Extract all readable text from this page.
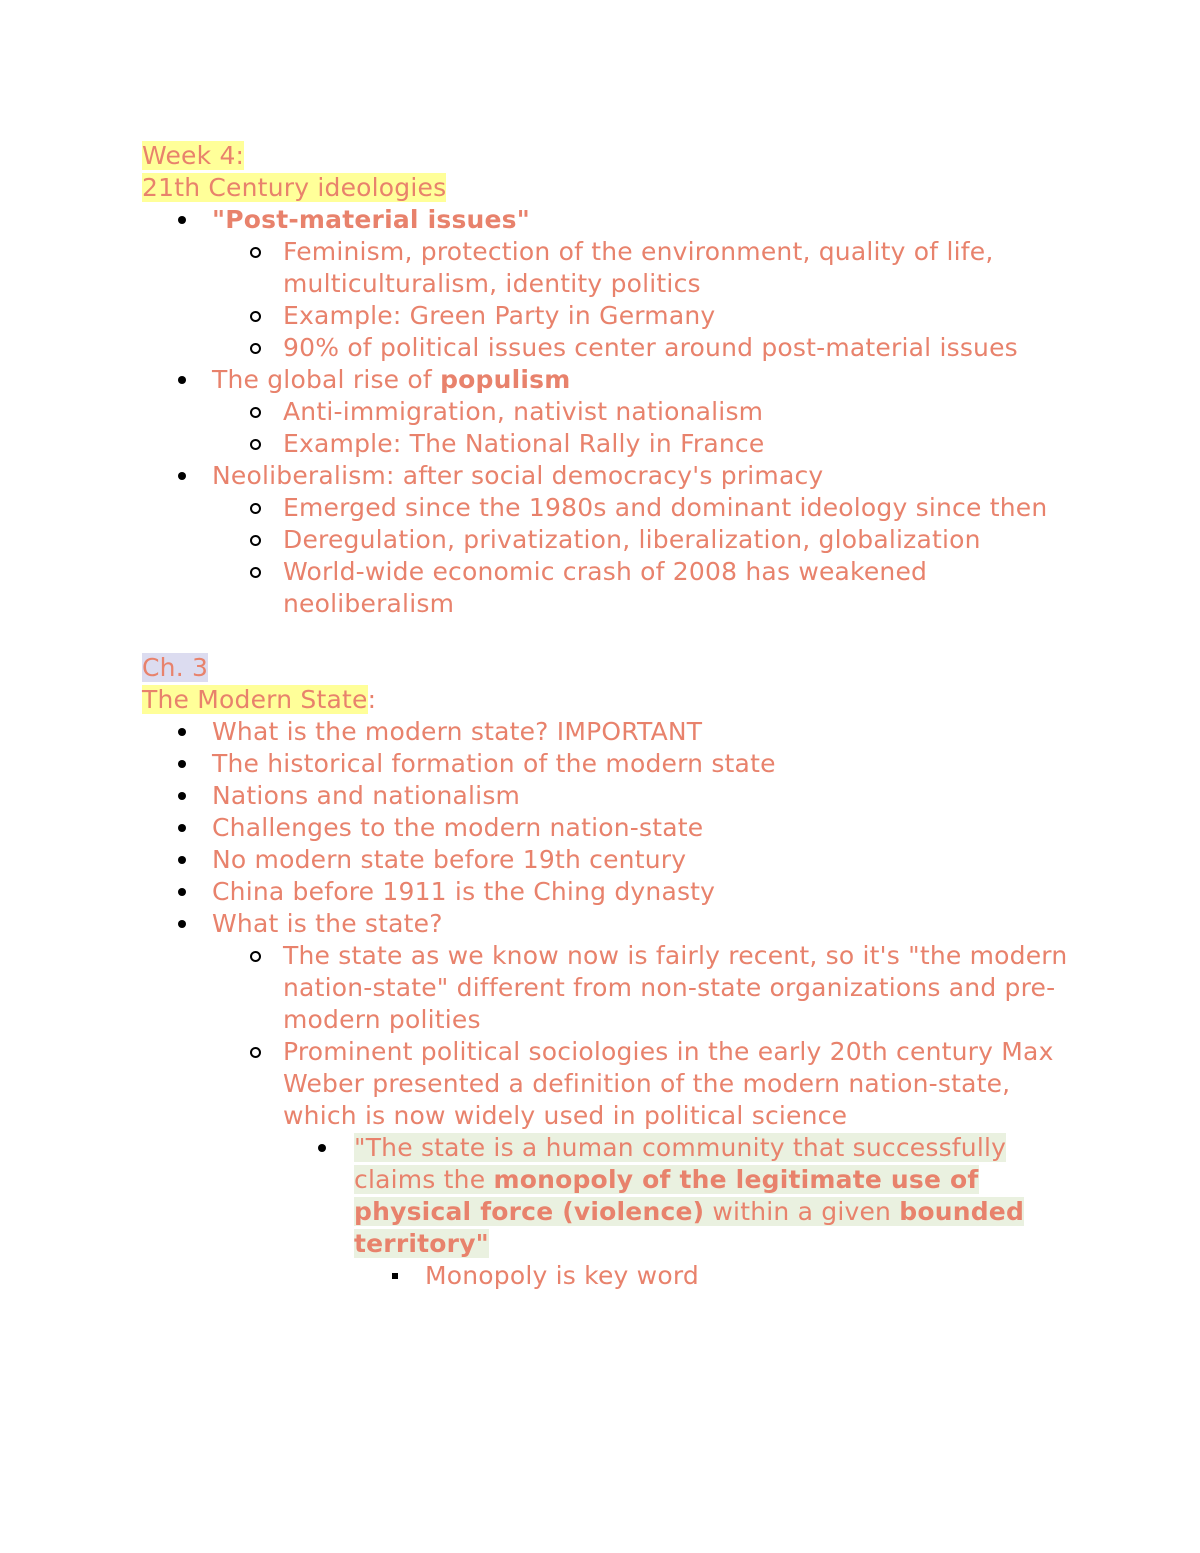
Week 4:
21th Century ideologies
"Post-material issues"
Feminism, protection of the environment, quality of life, multiculturalism, identity politics
Example: Green Party in Germany
90% of political issues center around post-material issues
The global rise of populism
Anti-immigration, nativist nationalism
Example: The National Rally in France
Neoliberalism: after social democracy's primacy
Emerged since the 1980s and dominant ideology since then
Deregulation, privatization, liberalization, globalization
World-wide economic crash of 2008 has weakened neoliberalism
Ch. 3
The Modern State:
What is the modern state? IMPORTANT
The historical formation of the modern state
Nations and nationalism
Challenges to the modern nation-state
No modern state before 19th century
China before 1911 is the Ching dynasty
What is the state?
The state as we know now is fairly recent, so it's "the modern nation-state" different from non-state organizations and pre-modern polities
Prominent political sociologies in the early 20th century Max Weber presented a definition of the modern nation-state, which is now widely used in political science
"The state is a human community that successfully claims the monopoly of the legitimate use of physical force (violence) within a given bounded territory"
Monopoly is key word
